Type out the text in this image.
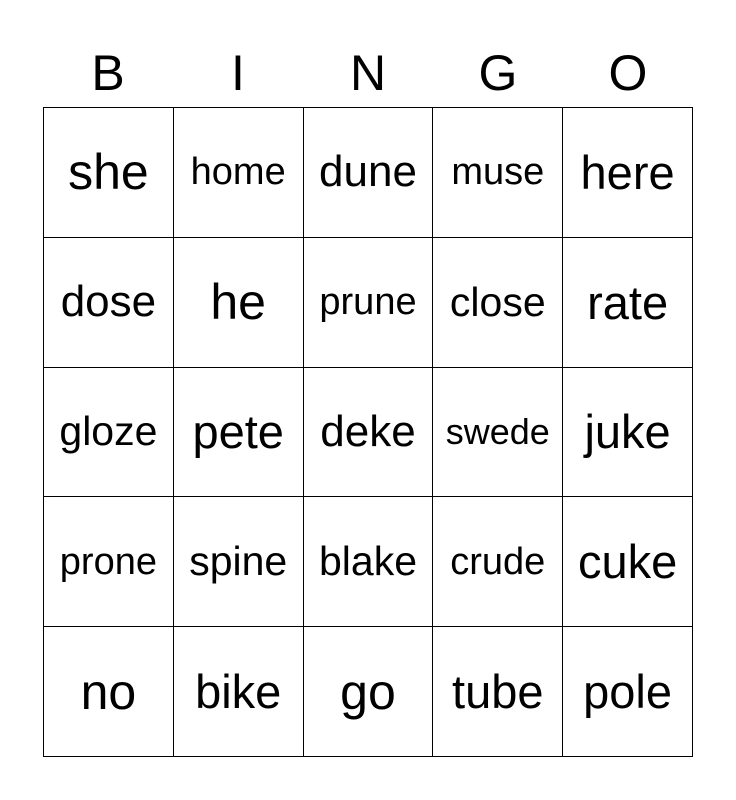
B	I	N	G	O
she	home dune muse here
dose	he	prune close rate
gloze pete deke swede juke
prone spine blake crude cuke
no	bike	go	tube pole
